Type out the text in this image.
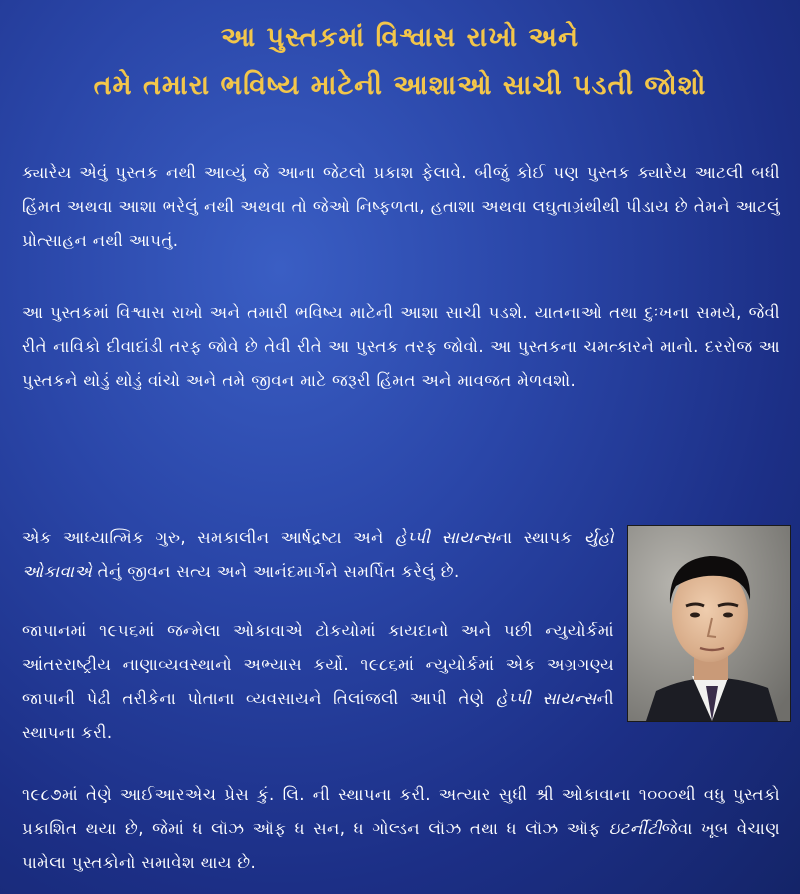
આ પુસ્તકમાં વિશ્વાસ રાખો અને
તમે તમારા ભવિષ્ય માટેની આશાઓ સાચી પડતી જોશો

ક્યારેય એવું પુસ્તક નથી આવ્યું જે આના જેટલો પ્રકાશ ફેલાવે. બીજું કોઈ પણ પુસ્તક ક્યારેય આટલી બધી હિંમત અથવા આશા ભરેલું નથી અથવા તો જેઓ નિષ્ફળતા, હતાશા અથવા લઘુતાગ્રંથીથી પીડાય છે તેમને આટલું પ્રોત્સાહન નથી આપતું.

આ પુસ્તકમાં વિશ્વાસ રાખો અને તમારી ભવિષ્ય માટેની આશા સાચી પડશે. યાતનાઓ તથા દુઃખના સમયે, જેવી રીતે નાવિકો દીવાદાંડી તરફ જોવે છે તેવી રીતે આ પુસ્તક તરફ જોવો. આ પુસ્તકના ચમત્કારને માનો. દરરોજ આ પુસ્તકને થોડું થોડું વાંચો અને તમે જીવન માટે જરૂરી હિંમત અને માવજત મેળવશો.

એક આધ્યાત્મિક ગુરુ, સમકાલીન આર્ષદ્રષ્ટા અને હેપ્પી સાયન્સના સ્થાપક ર્યુહો ઓકાવાએ તેનું જીવન સત્ય અને આનંદમાર્ગને સમર્પિત કરેલું છે.

જાપાનમાં ૧૯૫૬માં જન્મેલા ઓકાવાએ ટોકયોમાં કાયદાનો અને પછી ન્યુયોર્કમાં આંતરરાષ્ટ્રીય નાણાવ્યવસ્થાનો અભ્યાસ કર્યો. ૧૯૮૬માં ન્યુયોર્કમાં એક અગ્રગણ્ય જાપાની પેઢી તરીકેના પોતાના વ્યવસાયને તિલાંજલી આપી તેણે હેપ્પી સાયન્સની સ્થાપના કરી.

૧૯૮૭માં તેણે આઈઆરએચ પ્રેસ કું. લિ. ની સ્થાપના કરી. અત્યાર સુધી શ્રી ઓકાવાના ૧૦૦૦થી વધુ પુસ્તકો પ્રકાશિત થયા છે, જેમાં ધ લૉઝ ઑફ ધ સન, ધ ગોલ્ડન લૉઝ તથા ધ લૉઝ ઑફ ઇટર્નીટીજેવા ખૂબ વેચાણ પામેલા પુસ્તકોનો સમાવેશ થાય છે.
